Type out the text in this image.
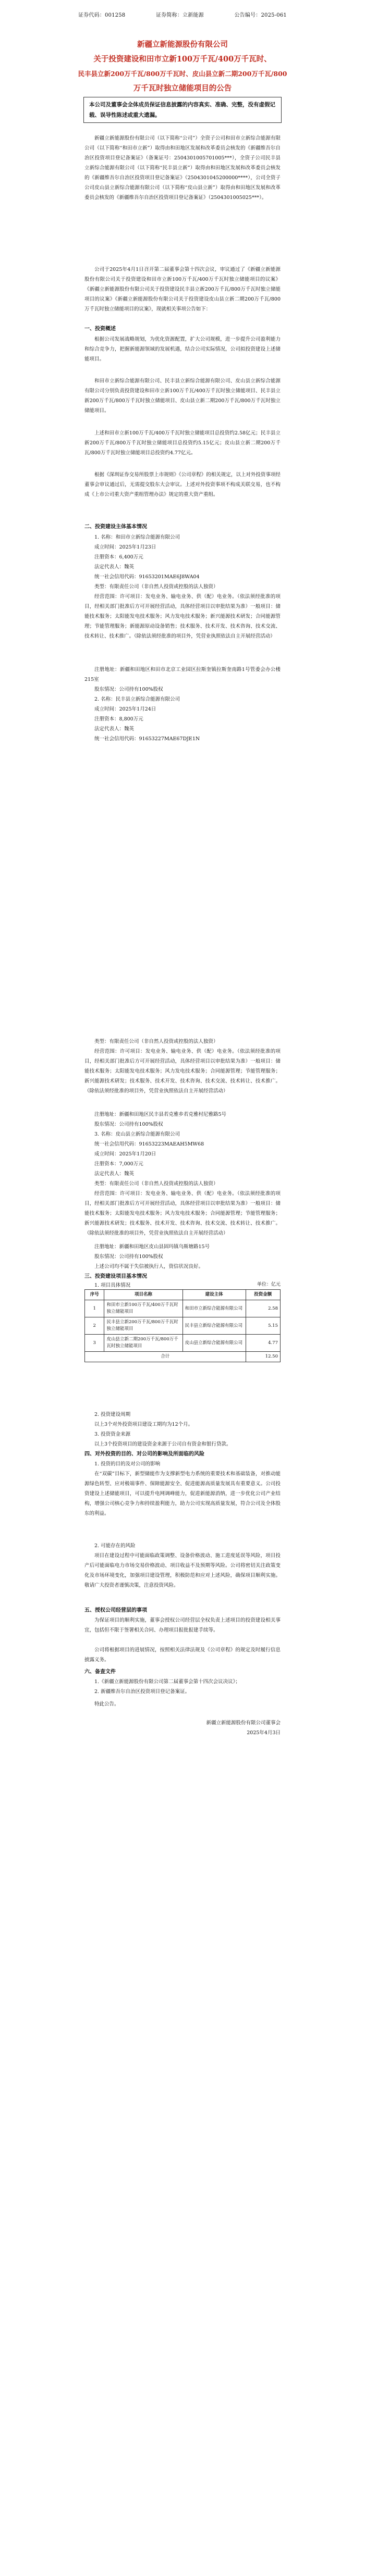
证券代码：001258	证券简称：立新能源	公告编号：2025-061
新疆立新能源股份有限公司
关于投资建设和田市立新100万千瓦/400万千瓦时、
民丰县立新200万千瓦/800万千瓦时、皮山县立新二期200万千瓦/800
万千瓦时独立储能项目的公告
本公司及董事会全体成员保证信息披露的内容真实、准确、完整，没有虚假记载、误导性陈述或重大遗漏。

新疆立新能源股份有限公司（以下简称“公司”）全资子公司和田市立新综合能源有限公司（以下简称“和田市立新”）取得由和田地区发展和改革委员会核发的《新疆维吾尔自治区投资项目登记备案证》（备案证号：2504301005701005***），全资子公司民丰县立新综合能源有限公司（以下简称“民丰县立新”）取得由和田地区发展和改革委员会核发的《新疆维吾尔自治区投资项目登记备案证》（2504301045200000****），公司全资子公司皮山县立新综合能源有限公司（以下简称“皮山县立新”）取得由和田地区发展和改革委员会核发的《新疆维吾尔自治区投资项目登记备案证》（2504301005025***）。

公司于2025年4月1日召开第二届董事会第十四次会议，审议通过了《新疆立新能源股份有限公司关于投资建设和田市立新100万千瓦/400万千瓦时独立储能项目的议案》《新疆立新能源股份有限公司关于投资建设民丰县立新200万千瓦/800万千瓦时独立储能项目的议案》《新疆立新能源股份有限公司关于投资建设皮山县立新二期200万千瓦/800万千瓦时独立储能项目的议案》，现就相关事项公告如下：

一、投资概述

根据公司发展战略规划，为优化资源配置，扩大公司规模，进一步提升公司盈利能力和综合竞争力，把握新能源领域的发展机遇，结合公司实际情况，公司拟投资建设上述储能项目。

和田市立新综合能源有限公司、民丰县立新综合能源有限公司、皮山县立新综合能源有限公司分别负责投资建设和田市立新100万千瓦/400万千瓦时独立储能项目、民丰县立新200万千瓦/800万千瓦时独立储能项目、皮山县立新二期200万千瓦/800万千瓦时独立储能项目。

上述和田市立新100万千瓦/400万千瓦时独立储能项目总投资约2.58亿元；民丰县立新200万千瓦/800万千瓦时独立储能项目总投资约5.15亿元；皮山县立新二期200万千瓦/800万千瓦时独立储能项目总投资约4.77亿元。

根据《深圳证券交易所股票上市规则》《公司章程》的相关规定，以上对外投资事项经董事会审议通过后，无需提交股东大会审议。上述对外投资事项不构成关联交易，也不构成《上市公司重大资产重组管理办法》规定的重大资产重组。

二、投资建设主体基本情况

1. 名称：和田市立新综合能源有限公司

成立时间：2025年1月23日

注册资本：6,400万元

法定代表人：魏英

统一社会信用代码：91653201MAE6J8WA04

类型：有限责任公司（非自然人投资或控股的法人独资）

经营范围：许可项目：发电业务、输电业务、供（配）电业务。（依法须经批准的项目，经相关部门批准后方可开展经营活动，具体经营项目以审批结果为准）一般项目：储能技术服务；太阳能发电技术服务；风力发电技术服务；新兴能源技术研发；合同能源管理；节能管理服务；新能源原动设备销售；技术服务、技术开发、技术咨询、技术交流、技术转让、技术推广。（除依法须经批准的项目外，凭营业执照依法自主开展经营活动）

注册地址：新疆和田地区和田市北京工业园区拉斯奎镇拉斯奎南路1号管委会办公楼215室

股东情况：公司持有100%股权

2. 名称：民丰县立新综合能源有限公司

成立时间：2025年1月24日

注册资本：8,800万元

法定代表人：魏英

统一社会信用代码：91653227MAE67DJE1N

类型：有限责任公司（非自然人投资或控股的法人独资）

经营范围：许可项目：发电业务、输电业务、供（配）电业务。（依法须经批准的项目，经相关部门批准后方可开展经营活动，具体经营项目以审批结果为准）一般项目：储能技术服务；太阳能发电技术服务；风力发电技术服务；合同能源管理；节能管理服务；新兴能源技术研发；技术服务、技术开发、技术咨询、技术交流、技术转让、技术推广。（除依法须经批准的项目外，凭营业执照依法自主开展经营活动）

注册地址：新疆和田地区民丰县若克雅乡若克雅村尼雅路5号

股东情况：公司持有100%股权

3. 名称：皮山县立新综合能源有限公司

统一社会信用代码：91653223MAEAH5MW68

成立时间：2025年1月20日

注册资本：7,000万元

法定代表人：魏英

类型：有限责任公司（非自然人投资或控股的法人独资）

经营范围：许可项目：发电业务、输电业务、供（配）电业务。（依法须经批准的项目，经相关部门批准后方可开展经营活动，具体经营项目以审批结果为准）一般项目：储能技术服务；太阳能发电技术服务；风力发电技术服务；合同能源管理；节能管理服务；新兴能源技术研发；技术服务、技术开发、技术咨询、技术交流、技术转让、技术推广。（除依法须经批准的项目外，凭营业执照依法自主开展经营活动）

注册地址：新疆和田地区皮山县固玛镇乌斯塘路15号

股东情况：公司持有100%股权

上述公司均不属于失信被执行人，资信状况良好。

三、投资建设项目基本情况

1. 项目具体情况	单位：亿元
序号	项目名称	建设主体	投资金额
1	和田市立新100万千瓦/400万千瓦时独立储能项目	和田市立新综合能源有限公司	2.58
2	民丰县立新200万千瓦/800万千瓦时独立储能项目	民丰县立新综合能源有限公司	5.15
3	皮山县立新二期200万千瓦/800万千瓦时独立储能项目	皮山县立新综合能源有限公司	4.77
合计			12.50

2. 投资建设周期

以上3个对外投资项目建设工期均为12个月。

3. 投资资金来源

以上3个投资项目的建设资金来源于公司自有资金和银行贷款。

四、对外投资的目的、对公司的影响及所面临的风险

1. 投资的目的及对公司的影响

在“双碳”目标下，新型储能作为支撑新型电力系统的重要技术和基础装备，对推动能源绿色转型、应对极端事件、保障能源安全、促进能源高质量发展具有重要意义。公司投资建设上述储能项目，可以提升电网调峰能力，促进新能源消纳，进一步优化公司产业结构，增强公司核心竞争力和持续盈利能力，助力公司实现高质量发展，符合公司及全体股东的利益。

2. 可能存在的风险

项目在建设过程中可能面临政策调整、设备价格波动、施工进度延误等风险，项目投产后可能面临电力市场交易价格波动、项目收益不及预期等风险。公司将密切关注政策变化及市场环境变化，加强项目建设管理，积极防范和应对上述风险，确保项目顺利实施。敬请广大投资者谨慎决策，注意投资风险。

五、授权公司经营层的事项

为保证项目的顺利实施，董事会授权公司经营层全权负责上述项目的投资建设相关事宜，包括但不限于签署相关合同、办理项目报批报建手续等。

公司将根据项目的进展情况，按照相关法律法规及《公司章程》的规定及时履行信息披露义务。

六、备查文件

1.《新疆立新能源股份有限公司第二届董事会第十四次会议决议》；

2. 新疆维吾尔自治区投资项目登记备案证。

特此公告。

新疆立新能源股份有限公司董事会

2025年4月3日
